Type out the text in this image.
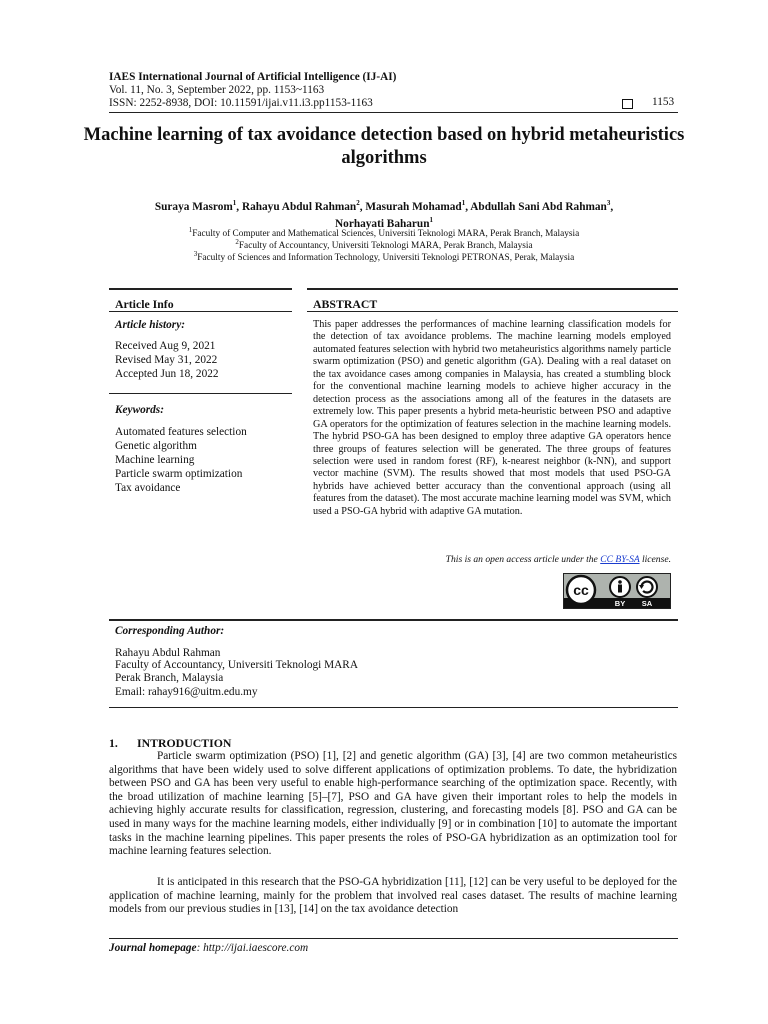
IAES International Journal of Artificial Intelligence (IJ-AI)
Vol. 11, No. 3, September 2022, pp. 1153~1163
ISSN: 2252-8938, DOI: 10.11591/ijai.v11.i3.pp1153-1163	1153
Machine learning of tax avoidance detection based on hybrid metaheuristics algorithms
Suraya Masrom$^1$, Rahayu Abdul Rahman$^2$, Masurah Mohamad$^1$, Abdullah Sani Abd Rahman$^3$,
Norhayati Baharun$^1$
$^1$Faculty of Computer and Mathematical Sciences, Universiti Teknologi MARA, Perak Branch, Malaysia
$^2$Faculty of Accountancy, Universiti Teknologi MARA, Perak Branch, Malaysia
$^3$Faculty of Sciences and Information Technology, Universiti Teknologi PETRONAS, Perak, Malaysia
Article Info	ABSTRACT
Article history:
Received Aug 9, 2021
Revised May 31, 2022
Accepted Jun 18, 2022
Keywords:
Automated features selection
Genetic algorithm
Machine learning
Particle swarm optimization
Tax avoidance
This paper addresses the performances of machine learning classification models for the detection of tax avoidance problems. The machine learning models employed automated features selection with hybrid two metaheuristics algorithms namely particle swarm optimization (PSO) and genetic algorithm (GA). Dealing with a real dataset on the tax avoidance cases among companies in Malaysia, has created a stumbling block for the conventional machine learning models to achieve higher accuracy in the detection process as the associations among all of the features in the datasets are extremely low. This paper presents a hybrid meta-heuristic between PSO and adaptive GA operators for the optimization of features selection in the machine learning models. The hybrid PSO-GA has been designed to employ three adaptive GA operators hence three groups of features selection will be generated. The three groups of features selection were used in random forest (RF), k-nearest neighbor (k-NN), and support vector machine (SVM). The results showed that most models that used PSO-GA hybrids have achieved better accuracy than the conventional approach (using all features from the dataset). The most accurate machine learning model was SVM, which used a PSO-GA hybrid with adaptive GA mutation.
This is an open access article under the CC BY-SA license.
cc
BY SA
Corresponding Author:
Rahayu Abdul Rahman
Faculty of Accountancy, Universiti Teknologi MARA
Perak Branch, Malaysia
Email: rahay916@uitm.edu.my
1. INTRODUCTION
Particle swarm optimization (PSO) [1], [2] and genetic algorithm (GA) [3], [4] are two common metaheuristics algorithms that have been widely used to solve different applications of optimization problems. To date, the hybridization between PSO and GA has been very useful to enable high-performance searching of the optimization space. Recently, with the broad utilization of machine learning [5]–[7], PSO and GA have given their important roles to help the models in achieving highly accurate results for classification, regression, clustering, and forecasting models [8]. PSO and GA can be used in many ways for the machine learning models, either individually [9] or in combination [10] to automate the important tasks in the machine learning pipelines. This paper presents the roles of PSO-GA hybridization as an optimization tool for machine learning features selection.
It is anticipated in this research that the PSO-GA hybridization [11], [12] can be very useful to be deployed for the application of machine learning, mainly for the problem that involved real cases dataset. The results of machine learning models from our previous studies in [13], [14] on the tax avoidance detection
Journal homepage: http://ijai.iaescore.com
